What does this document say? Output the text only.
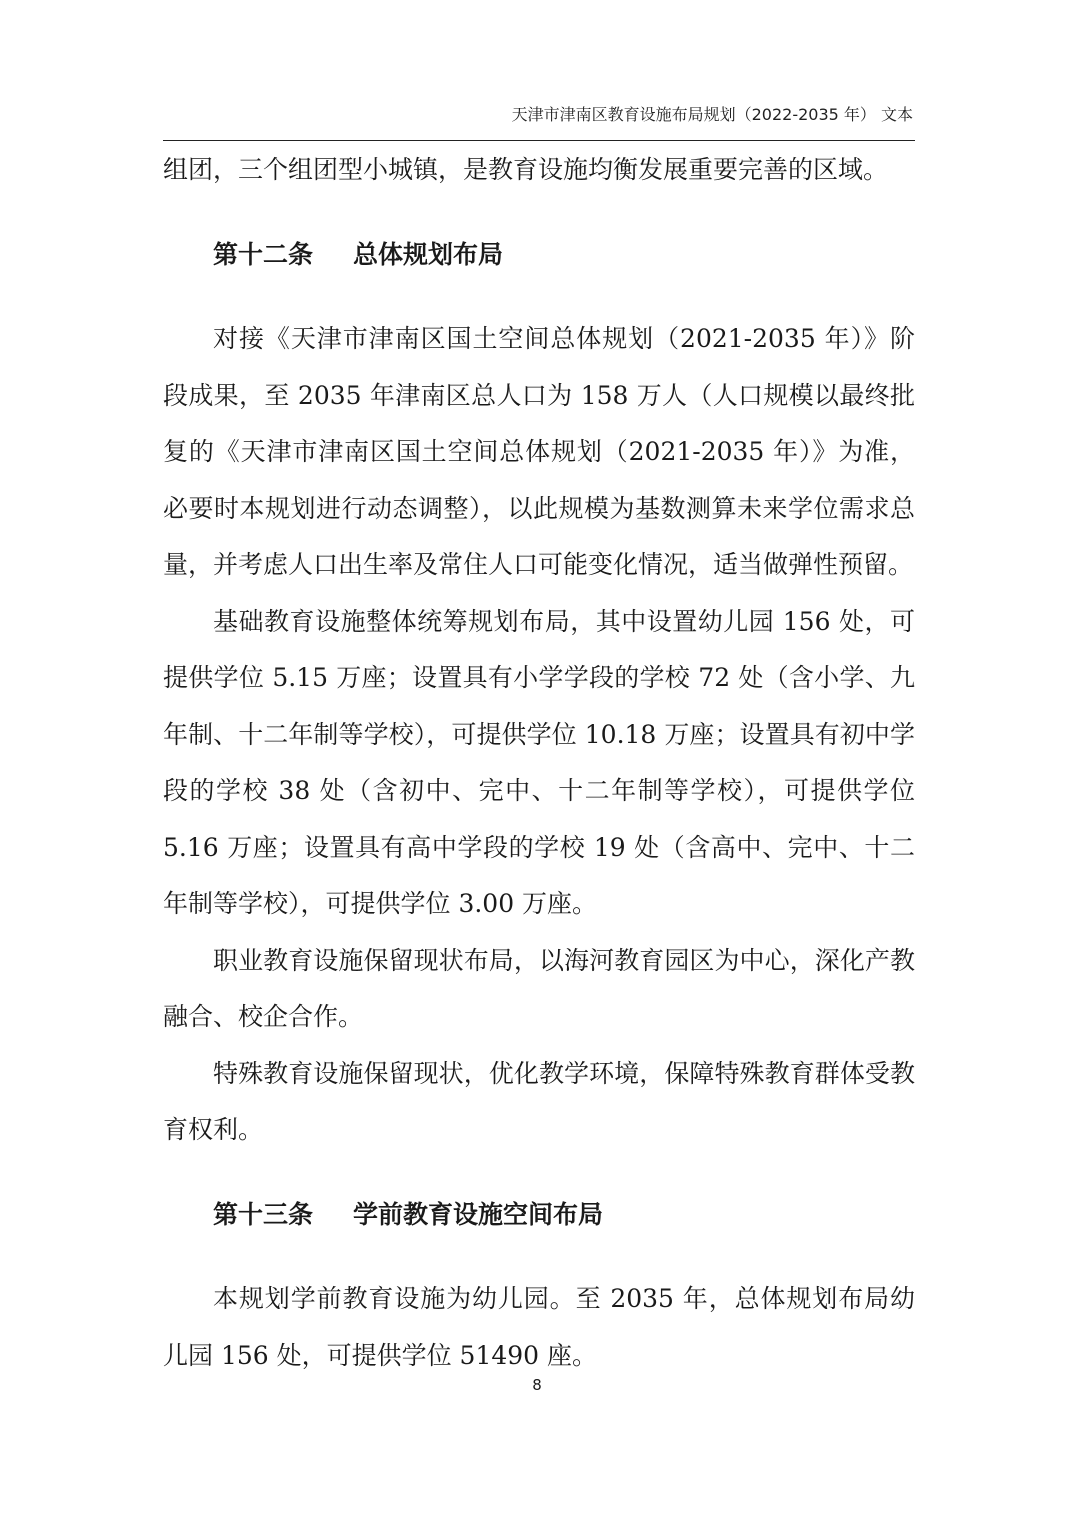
天津市津南区教育设施布局规划（2022-2035 年） 文本

组团，三个组团型小城镇，是教育设施均衡发展重要完善的区域。

第十二条 总体规划布局

对接《天津市津南区国土空间总体规划（2021-2035 年）》阶段成果，至 2035 年津南区总人口为 158 万人（人口规模以最终批复的《天津市津南区国土空间总体规划（2021-2035 年）》为准，必要时本规划进行动态调整），以此规模为基数测算未来学位需求总量，并考虑人口出生率及常住人口可能变化情况，适当做弹性预留。

基础教育设施整体统筹规划布局，其中设置幼儿园 156 处，可提供学位 5.15 万座；设置具有小学学段的学校 72 处（含小学、九年制、十二年制等学校），可提供学位 10.18 万座；设置具有初中学段的学校 38 处（含初中、完中、十二年制等学校），可提供学位 5.16 万座；设置具有高中学段的学校 19 处（含高中、完中、十二年制等学校），可提供学位 3.00 万座。

职业教育设施保留现状布局，以海河教育园区为中心，深化产教融合、校企合作。

特殊教育设施保留现状，优化教学环境，保障特殊教育群体受教育权利。

第十三条 学前教育设施空间布局

本规划学前教育设施为幼儿园。至 2035 年，总体规划布局幼儿园 156 处，可提供学位 51490 座。

8
